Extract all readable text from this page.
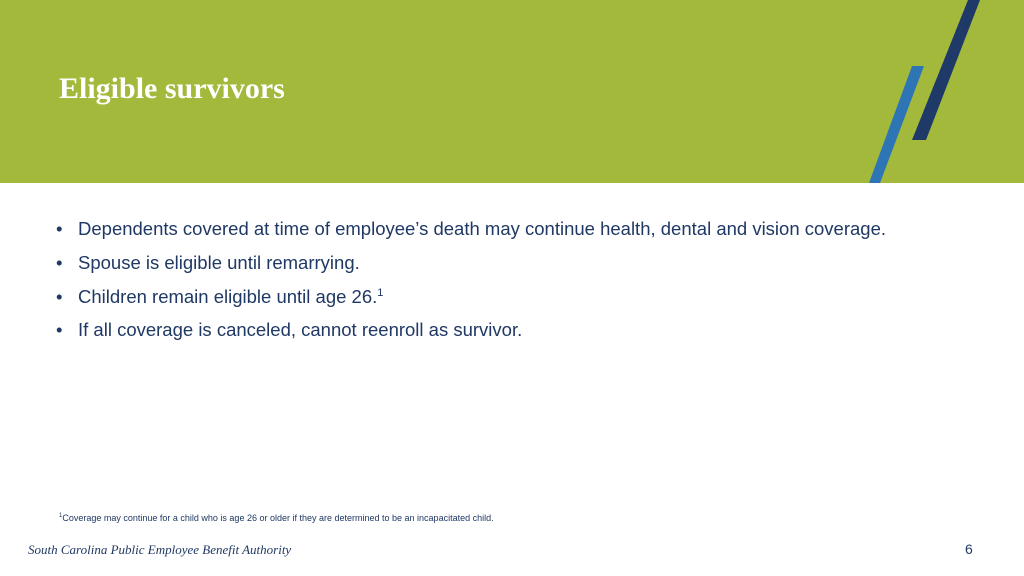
Eligible survivors
• Dependents covered at time of employee’s death may continue health, dental and vision coverage.
• Spouse is eligible until remarrying.
• Children remain eligible until age 26.$^1$
• If all coverage is canceled, cannot reenroll as survivor.
$^1$Coverage may continue for a child who is age 26 or older if they are determined to be an incapacitated child.
South Carolina Public Employee Benefit Authority	6
